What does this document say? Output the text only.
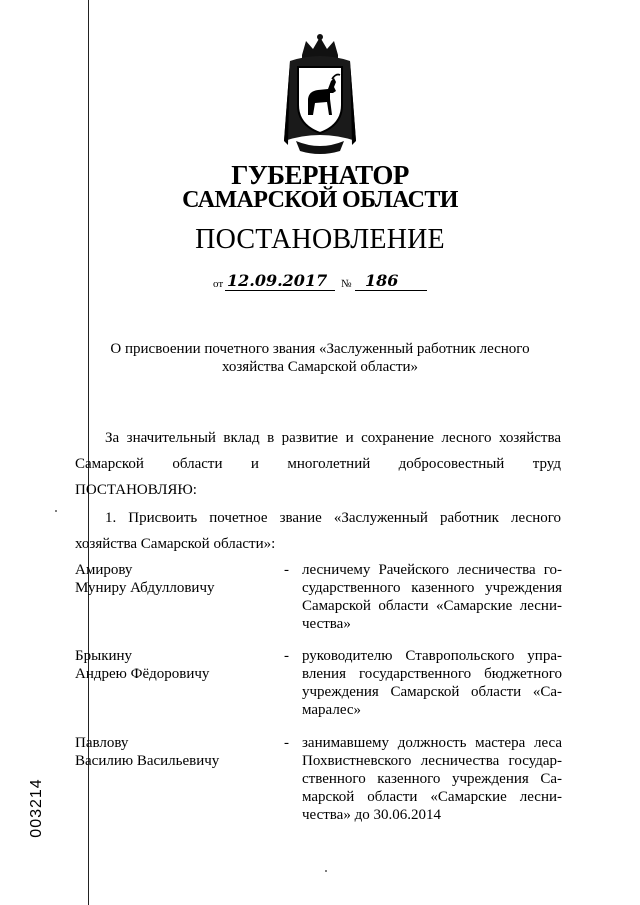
ГУБЕРНАТОР
САМАРСКОЙ ОБЛАСТИ
ПОСТАНОВЛЕНИЕ
от 12.09.2017 № 186
О присвоении почетного звания «Заслуженный работник лесного
хозяйства Самарской области»
За значительный вклад в развитие и сохранение лесного хозяйства
Самарской области и многолетний добросовестный труд
ПОСТАНОВЛЯЮ:
1. Присвоить почетное звание «Заслуженный работник лесного
хозяйства Самарской области»:
Амирову
Муниру Абдулловичу
- лесничему Рачейского лесничества го-
сударственного казенного учреждения
Самарской области «Самарские лесни-
чества»
Брыкину
Андрею Фёдоровичу
- руководителю Ставропольского упра-
вления государственного бюджетного
учреждения Самарской области «Са-
маралес»
Павлову
Василию Васильевичу
- занимавшему должность мастера леса
Похвистневского лесничества государ-
ственного казенного учреждения Са-
марской области «Самарские лесни-
чества» до 30.06.2014
003214
